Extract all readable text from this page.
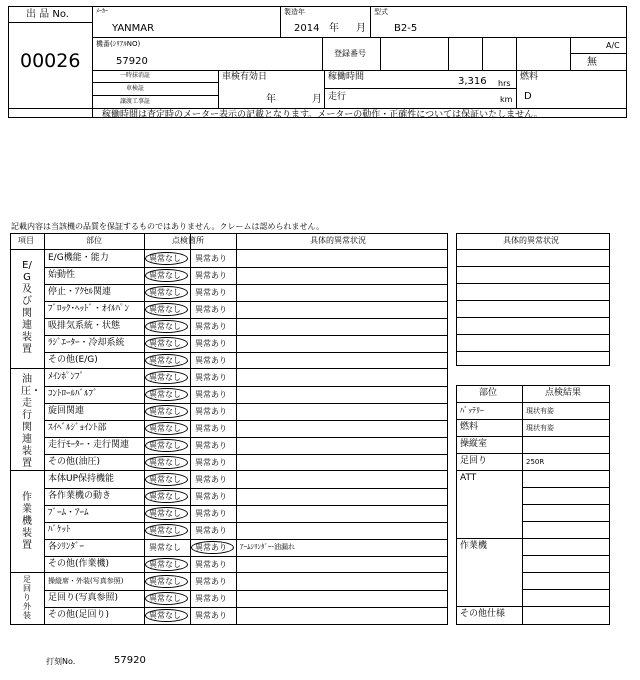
出 品 No.
00026
ﾒｰｶｰ
YANMAR
製造年
2014 年 月
型式
B2-5
機番(ｼﾘｱﾙNO)
57920
登録番号
A/C
無
一時抹消証
車検証
譲渡工事証
車検有効日
年	月
稼働時間	3,316 hrs
走行	km
燃料
D
稼働時間は査定時のメーター表示の記載となります。メーターの動作・正確性については保証いたしません。
記載内容は当該機の品質を保証するものではありません。クレームは認められません。
項目	部位	点検箇所	具体的異常状況
E/G及び関連装置
油圧・走行関連装置
作業機装置
足回り外装
E/G機能・能力	異常なし 異常あり
始動性	異常なし 異常あり
停止・ｱｸｾﾙ関連	異常なし 異常あり
ﾌﾞﾛｯｸ･ﾍｯﾄﾞ・ｵｲﾙﾊﾟﾝ 異常なし 異常あり
吸排気系統・状態	異常なし 異常あり
ﾗｼﾞｴｰﾀｰ・冷却系統	異常なし 異常あり
その他(E/G)	異常なし 異常あり
ﾒｲﾝﾎﾟﾝﾌﾟ	異常なし 異常あり
ｺﾝﾄﾛｰﾙﾊﾞﾙﾌﾞ	異常なし 異常あり
旋回関連	異常なし 異常あり
ｽｲﾍﾞﾙｼﾞｮｲﾝﾄ部	異常なし 異常あり
走行ﾓｰﾀｰ・走行関連 異常なし 異常あり
その他(油圧)	異常なし 異常あり
本体UP保持機能	異常なし 異常あり
各作業機の動き	異常なし 異常あり
ﾌﾞｰﾑ・ｱｰﾑ	異常なし 異常あり
ﾊﾞｹｯﾄ	異常なし 異常あり
各ｼﾘﾝﾀﾞｰ	異常なし 異常あり ｱｰﾑｼﾘﾝﾀﾞｰ-油漏れ
その他(作業機)	異常なし 異常あり
操縦席・外装(写真参照)	異常なし 異常あり
足回り(写真参照)	異常なし 異常あり
その他(足回り)	異常なし 異常あり
具体的異常状況
部位	点検結果
ﾊﾞｯﾃﾘｰ	現状有姿
燃料	現状有姿
操縦室
足回り	250R
ATT
作業機
その他仕様
打刻No.	57920
